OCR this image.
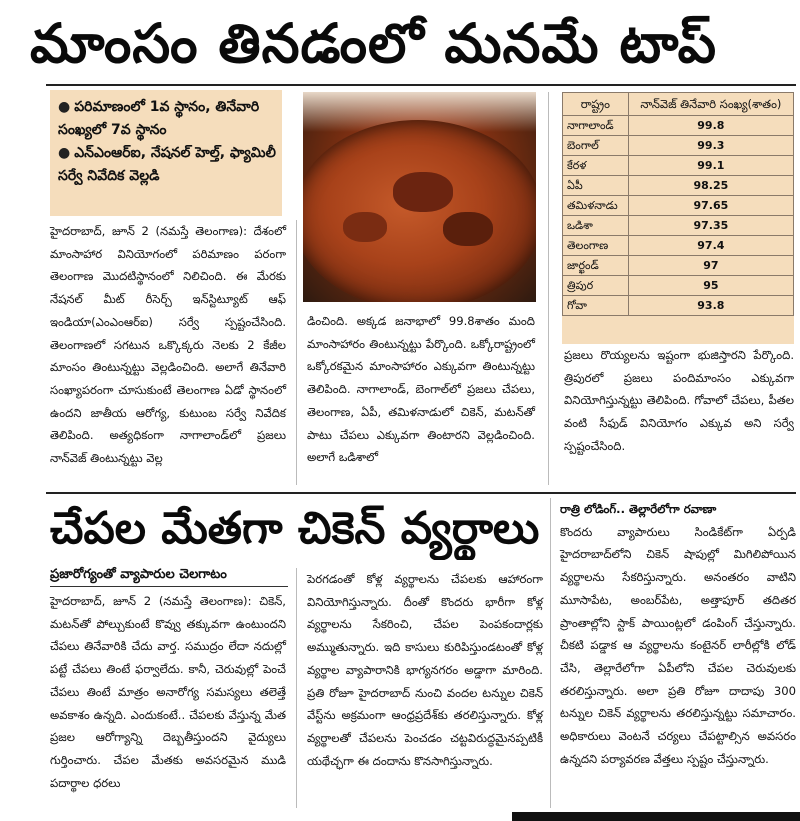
మాంసం తినడంలో మనమే టాప్
● పరిమాణంలో 1వ స్థానం, తినేవారి సంఖ్యలో 7వ స్థానం
● ఎన్‌ఎంఆర్‌ఐ, నేషనల్ హెల్త్, ఫ్యామిలీ సర్వే నివేదిక వెల్లడి

హైదరాబాద్, జూన్ 2 (నమస్తే తెలంగాణ): దేశంలో మాంసాహార వినియోగంలో పరిమాణం పరంగా తెలంగాణ మొదటిస్థానంలో నిలిచింది. ఈ మేరకు నేషనల్ మీట్ రీసెర్చ్ ఇన్‌స్టిట్యూట్ ఆఫ్ ఇండియా(ఎంఎంఆర్ఐ) సర్వే స్పష్టంచేసింది. తెలంగాణలో సగటున ఒక్కొక్కరు నెలకు 2 కేజీల మాంసం తింటున్నట్టు వెల్లడించింది. అలాగే తినేవారి సంఖ్యాపరంగా చూసుకుంటే తెలంగాణ ఏడో స్థానంలో ఉందని జాతీయ ఆరోగ్య, కుటుంబ సర్వే నివేదిక తెలిపింది. అత్యధికంగా నాగాలాండ్‌లో ప్రజలు నాన్‌వెజ్ తింటున్నట్టు వెల్ల

డించింది. అక్కడ జనాభాలో 99.8శాతం మంది మాంసాహారం తింటున్నట్టు పేర్కొంది. ఒక్కోరాష్ట్రంలో ఒక్కోరకమైన మాంసాహారం ఎక్కువగా తింటున్నట్టు తెలిపింది. నాగాలాండ్, బెంగాల్‌లో ప్రజలు చేపలు, తెలంగాణ, ఏపీ, తమిళనాడులో చికెన్, మటన్‌తో పాటు చేపలు ఎక్కువగా తింటారని వెల్లడించింది. అలాగే ఒడిశాలో

ప్రజలు రొయ్యలను ఇష్టంగా భుజిస్తారని పేర్కొంది. త్రిపురలో ప్రజలు పందిమాంసం ఎక్కువగా వినియోగిస్తున్నట్టు తెలిపింది. గోవాలో చేపలు, పీతల వంటి సీఫుడ్ వినియోగం ఎక్కువ అని సర్వే స్పష్టంచేసింది.

రాష్ట్రం	నాన్‌వెజ్ తినేవారి సంఖ్య(శాతం)
నాగాలాండ్	99.8
బెంగాల్	99.3
కేరళ	99.1
ఏపీ	98.25
తమిళనాడు	97.65
ఒడిశా	97.35
తెలంగాణ	97.4
జార్ఖండ్	97
త్రిపుర	95
గోవా	93.8
చేపల మేతగా చికెన్ వ్యర్థాలు
ప్రజారోగ్యంతో వ్యాపారుల చెలగాటం

హైదరాబాద్, జూన్ 2 (నమస్తే తెలంగాణ): చికెన్, మటన్‌తో పోల్చుకుంటే కొవ్వు తక్కువగా ఉంటుందని చేపలు తినేవారికి చేదు వార్త. సముద్రం లేదా నదుల్లో పట్టే చేపలు తింటే ఫర్వాలేదు. కానీ, చెరువుల్లో పెంచే చేపలు తింటే మాత్రం అనారోగ్య సమస్యలు తలెత్తే అవకాశం ఉన్నది. ఎందుకంటే.. చేపలకు వేస్తున్న మేత ప్రజల ఆరోగ్యాన్ని దెబ్బతీస్తుందని వైద్యులు గుర్తించారు. చేపల మేతకు అవసరమైన ముడి పదార్థాల ధరలు

పెరగడంతో కోళ్ల వ్యర్థాలను చేపలకు ఆహారంగా వినియోగిస్తున్నారు. దీంతో కొందరు భారీగా కోళ్ల వ్యర్థాలను సేకరించి, చేపల పెంపకందార్లకు అమ్ముతున్నారు. ఇది కాసులు కురిపిస్తుండటంతో కోళ్ల వ్యర్థాల వ్యాపారానికి భాగ్యనగరం అడ్డాగా మారింది. ప్రతి రోజూ హైదరాబాద్ నుంచి వందల టన్నుల చికెన్ వేస్ట్‌ను అక్రమంగా ఆంధ్రప్రదేశ్‌కు తరలిస్తున్నారు. కోళ్ల వ్యర్థాలతో చేపలను పెంచడం చట్టవిరుద్ధమైనప్పటికీ యథేచ్ఛగా ఈ దందాను కొనసాగిస్తున్నారు.

రాత్రి లోడింగ్.. తెల్లారేలోగా రవాణా

కొందరు వ్యాపారులు సిండికేట్‌గా ఏర్పడి హైదరాబాద్‌లోని చికెన్ షాపుల్లో మిగిలిపోయిన వ్యర్థాలను సేకరిస్తున్నారు. అనంతరం వాటిని మూసాపేట, అంబర్‌పేట, అత్తాపూర్ తదితర ప్రాంతాల్లోని స్టాక్ పాయింట్లలో డంపింగ్ చేస్తున్నారు. చీకటి పడ్డాక ఆ వ్యర్థాలను కంటైనర్ లారీల్లోకి లోడ్ చేసి, తెల్లారేలోగా ఏపీలోని చేపల చెరువులకు తరలిస్తున్నారు. అలా ప్రతి రోజూ దాదాపు 300 టన్నుల చికెన్ వ్యర్థాలను తరలిస్తున్నట్టు సమాచారం. అధికారులు వెంటనే చర్యలు చేపట్టాల్సిన అవసరం ఉన్నదని పర్యావరణ వేత్తలు స్పష్టం చేస్తున్నారు.
